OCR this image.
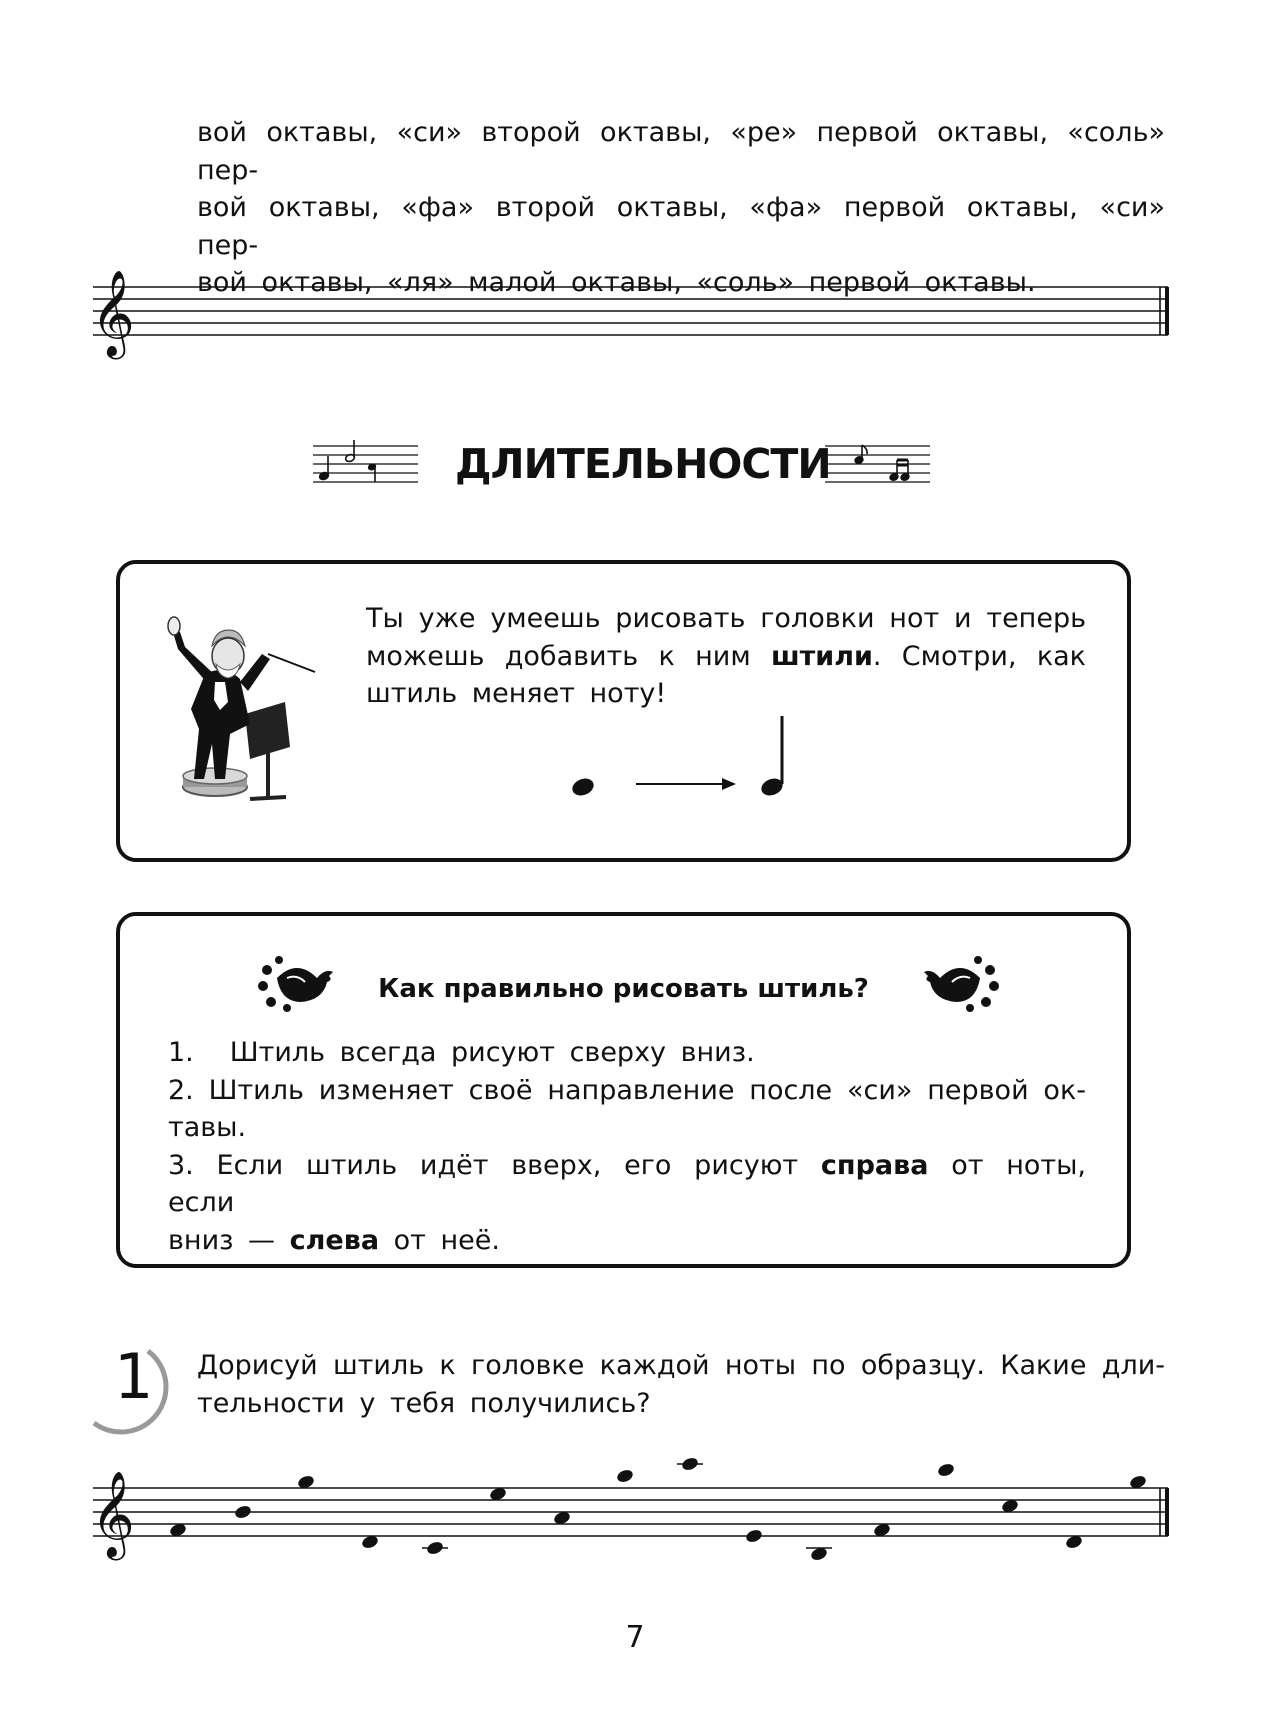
вой октавы, «си» второй октавы, «ре» первой октавы, «соль» пер-
вой октавы, «фа» второй октавы, «фа» первой октавы, «си» пер-
вой октавы, «ля» малой октавы, «соль» первой октавы.
𝄞
ДЛИТЕЛЬНОСТИ
Ты уже умеешь рисовать головки нот и теперь
можешь добавить к ним штили. Смотри, как
штиль меняет ноту!
Как правильно рисовать штиль?
1. Штиль всегда рисуют сверху вниз.
2. Штиль изменяет своё направление после «си» первой ок-
тавы.
3. Если штиль идёт вверх, его рисуют справа от ноты, если
вниз — слева от неё.
1 Дорисуй штиль к головке каждой ноты по образцу. Какие дли-
тельности у тебя получились?
𝄞
7
